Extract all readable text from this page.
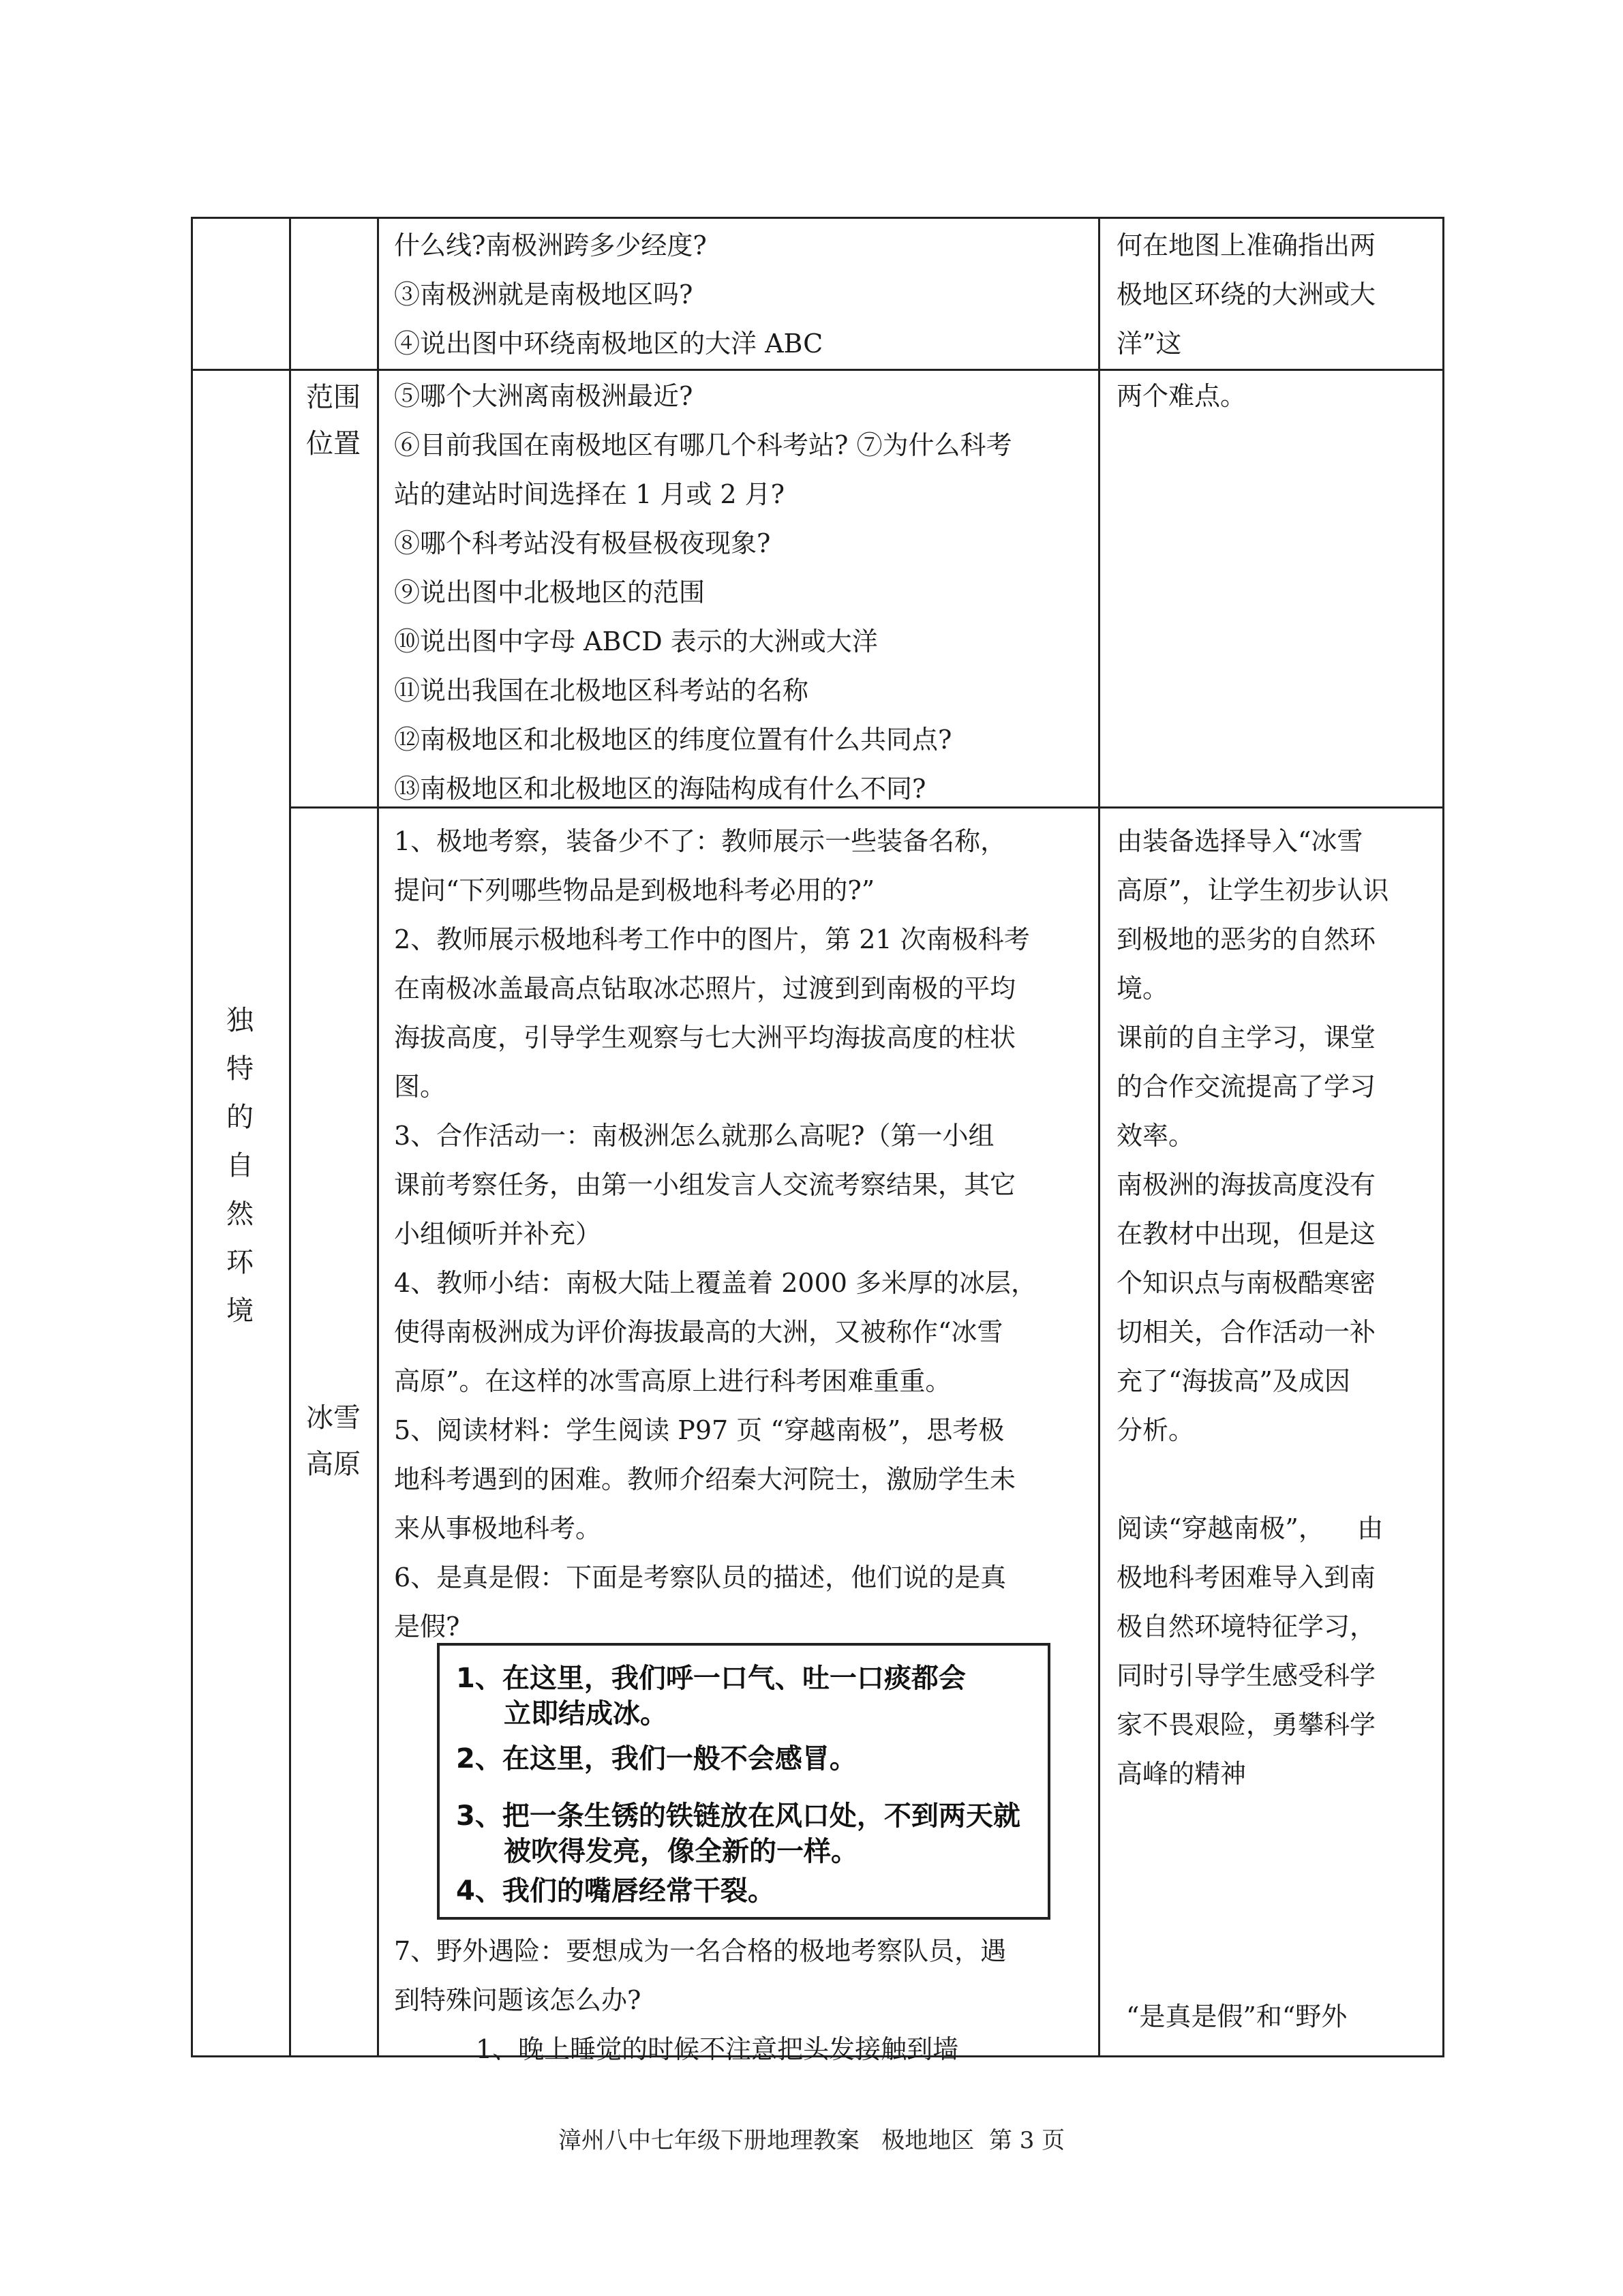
什么线?南极洲跨多少经度?
③南极洲就是南极地区吗?
④说出图中环绕南极地区的大洋 ABC
何在地图上准确指出两
极地区环绕的大洲或大
洋”这
范围
位置
⑤哪个大洲离南极洲最近?
⑥目前我国在南极地区有哪几个科考站? ⑦为什么科考
站的建站时间选择在 1 月或 2 月?
⑧哪个科考站没有极昼极夜现象?
⑨说出图中北极地区的范围
⑩说出图中字母 ABCD 表示的大洲或大洋
⑪说出我国在北极地区科考站的名称
⑫南极地区和北极地区的纬度位置有什么共同点?
⑬南极地区和北极地区的海陆构成有什么不同?
两个难点。
独
特
的
自
然
环
境
冰雪
高原
1、极地考察，装备少不了：教师展示一些装备名称，
提问“下列哪些物品是到极地科考必用的?”
2、教师展示极地科考工作中的图片，第 21 次南极科考
在南极冰盖最高点钻取冰芯照片，过渡到到南极的平均
海拔高度，引导学生观察与七大洲平均海拔高度的柱状
图。
3、合作活动一：南极洲怎么就那么高呢?（第一小组
课前考察任务，由第一小组发言人交流考察结果，其它
小组倾听并补充）
4、教师小结：南极大陆上覆盖着 2000 多米厚的冰层，
使得南极洲成为评价海拔最高的大洲，又被称作“冰雪
高原”。在这样的冰雪高原上进行科考困难重重。
5、阅读材料：学生阅读 P97 页 “穿越南极”，思考极
地科考遇到的困难。教师介绍秦大河院士，激励学生未
来从事极地科考。
6、是真是假：下面是考察队员的描述，他们说的是真
是假?
1、在这里，我们呼一口气、吐一口痰都会
立即结成冰。
2、在这里，我们一般不会感冒。
3、把一条生锈的铁链放在风口处，不到两天就
被吹得发亮，像全新的一样。
4、我们的嘴唇经常干裂。
7、野外遇险：要想成为一名合格的极地考察队员，遇
到特殊问题该怎么办?
1、晚上睡觉的时候不注意把头发接触到墙
由装备选择导入“冰雪
高原”，让学生初步认识
到极地的恶劣的自然环
境。
课前的自主学习，课堂
的合作交流提高了学习
效率。
南极洲的海拔高度没有
在教材中出现，但是这
个知识点与南极酷寒密
切相关，合作活动一补
充了“海拔高”及成因
分析。

阅读“穿越南极”，    由
极地科考困难导入到南
极自然环境特征学习，
同时引导学生感受科学
家不畏艰险，勇攀科学
高峰的精神
“是真是假”和“野外
漳州八中七年级下册地理教案   极地地区  第 3 页
